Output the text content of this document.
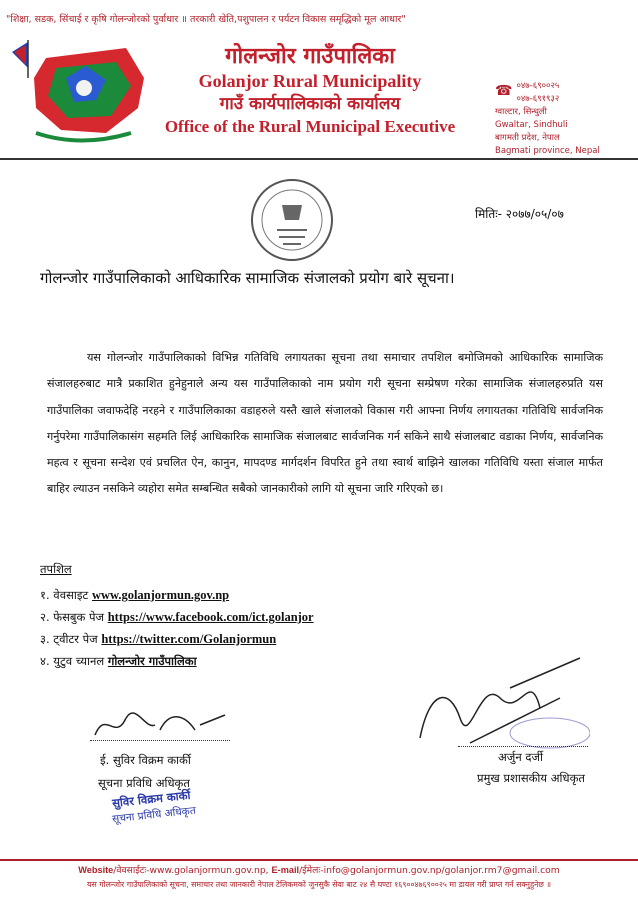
"शिक्षा, सडक, सिंचाई र कृषि गोलन्जोरको पुर्वाधार ॥ तरकारी खेति,पशुपालन र पर्यटन विकास समृद्धिको मूल आधार"
गोलन्जोर गाउँपालिका
Golanjor Rural Municipality
गाउँ कार्यपालिकाको कार्यालय
Office of the Rural Municipal Executive
☎ ०४७-६९००२५
०४७-६९१९३२
ग्वाल्टार, सिन्धुली
Gwaltar, Sindhuli
बागमती प्रदेश, नेपाल
Bagmati province, Nepal
मितिः- २०७७/०५/०७
गोलन्जोर गाउँपालिकाको आधिकारिक सामाजिक संजालको प्रयोग बारे सूचना।

यस गोलन्जोर गाउँपालिकाको विभिन्न गतिविधि लगायतका सूचना तथा समाचार तपशिल बमोजिमको आधिकारिक सामाजिक संजालहरुबाट मात्रै प्रकाशित हुनेहुनाले अन्य यस गाउँपालिकाको नाम प्रयोग गरी सूचना सम्प्रेषण गरेका सामाजिक संजालहरुप्रति यस गाउँपालिका जवाफदेहि नरहने र गाउँपालिकाका वडाहरुले यस्तै खाले संजालको विकास गरी आफ्ना निर्णय लगायतका गतिविधि सार्वजनिक गर्नुपरेमा गाउँपालिकासंग सहमति लिई आधिकारिक सामाजिक संजालबाट सार्वजनिक गर्न सकिने साथै संजालबाट वडाका निर्णय, सार्वजनिक महत्व र सूचना सन्देश एवं प्रचलित ऐन, कानुन, मापदण्ड मार्गदर्शन विपरित हुने तथा स्वार्थ बाझिने खालका गतिविधि यस्ता संजाल मार्फत बाहिर ल्याउन नसकिने व्यहोरा समेत सम्बन्धित सबैको जानकारीको लागि यो सूचना जारि गरिएको छ।

तपशिल
१. वेवसाइट www.golanjormun.gov.np
२. फेसबुक पेज https://www.facebook.com/ict.golanjor
३. ट्वीटर पेज https://twitter.com/Golanjormun
४. युटुव च्यानल गोलन्जोर गाउँपालिका
ई. सुविर विक्रम कार्की
सूचना प्रविधि अधिकृत
सुविर विक्रम कार्की
सूचना प्रविधि अधिकृत
अर्जुन दर्जी
प्रमुख प्रशासकीय अधिकृत
Website/वेवसाईटः-www.golanjormun.gov.np, E-mail/ईमेलः-info@golanjormun.gov.np/golanjor.rm7@gmail.com
यस गोलन्जोर गाउँपालिकाको सूचना, समाचार तथा जानकारी नेपाल टेलिकमको जुनसुकै सेवा बाट २४ सै घण्टा १६९००४७६९००२५ मा डायल गरी प्राप्त गर्न सक्नुहुनेछ ॥
